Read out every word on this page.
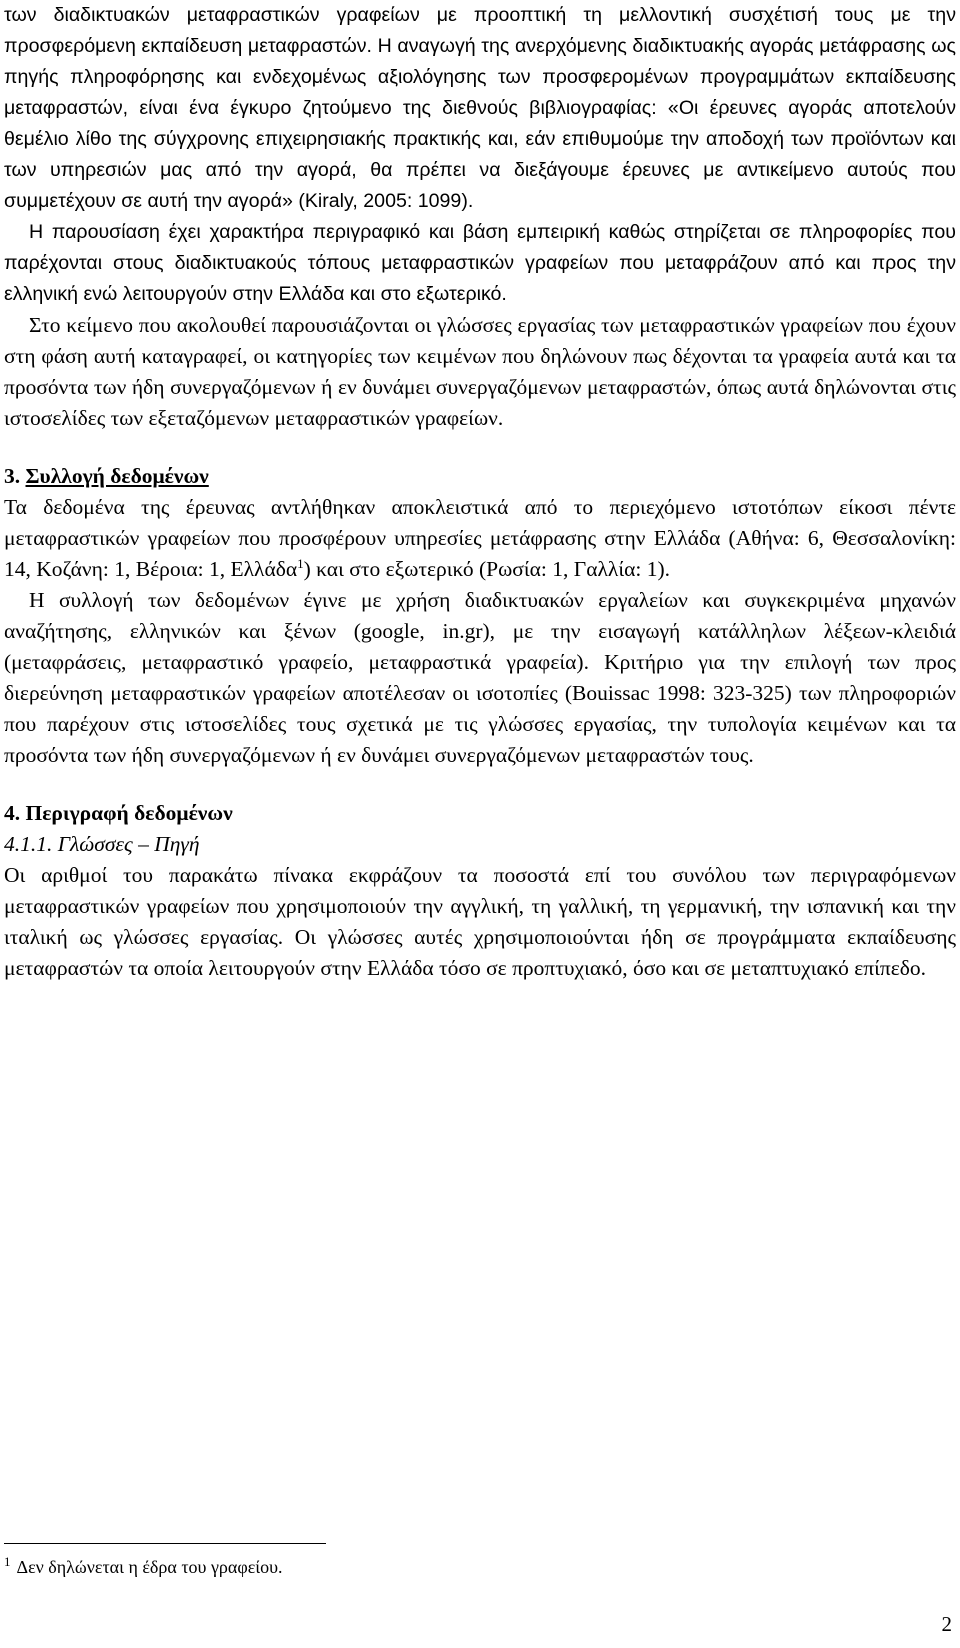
των διαδικτυακών μεταφραστικών γραφείων με προοπτική τη μελλοντική συσχέτισή τους με την προσφερόμενη εκπαίδευση μεταφραστών. Η αναγωγή της ανερχόμενης διαδικτυακής αγοράς μετάφρασης ως πηγής πληροφόρησης και ενδεχομένως αξιολόγησης των προσφερομένων προγραμμάτων εκπαίδευσης μεταφραστών, είναι ένα έγκυρο ζητούμενο της διεθνούς βιβλιογραφίας: «Οι έρευνες αγοράς αποτελούν θεμέλιο λίθο της σύγχρονης επιχειρησιακής πρακτικής και, εάν επιθυμούμε την αποδοχή των προϊόντων και των υπηρεσιών μας από την αγορά, θα πρέπει να διεξάγουμε έρευνες με αντικείμενο αυτούς που συμμετέχουν σε αυτή την αγορά» (Kiraly, 2005: 1099).

Η παρουσίαση έχει χαρακτήρα περιγραφικό και βάση εμπειρική καθώς στηρίζεται σε πληροφορίες που παρέχονται στους διαδικτυακούς τόπους μεταφραστικών γραφείων που μεταφράζουν από και προς την ελληνική ενώ λειτουργούν στην Ελλάδα και στο εξωτερικό.

Στο κείμενο που ακολουθεί παρουσιάζονται οι γλώσσες εργασίας των μεταφραστικών γραφείων που έχουν στη φάση αυτή καταγραφεί, οι κατηγορίες των κειμένων που δηλώνουν πως δέχονται τα γραφεία αυτά και τα προσόντα των ήδη συνεργαζόμενων ή εν δυνάμει συνεργαζόμενων μεταφραστών, όπως αυτά δηλώνονται στις ιστοσελίδες των εξεταζόμενων μεταφραστικών γραφείων.

3. Συλλογή δεδομένων

Τα δεδομένα της έρευνας αντλήθηκαν αποκλειστικά από το περιεχόμενο ιστοτόπων είκοσι πέντε μεταφραστικών γραφείων που προσφέρουν υπηρεσίες μετάφρασης στην Ελλάδα (Αθήνα: 6, Θεσσαλονίκη: 14, Κοζάνη: 1, Βέροια: 1, Ελλάδα$^1$) και στο εξωτερικό (Ρωσία: 1, Γαλλία: 1).

Η συλλογή των δεδομένων έγινε με χρήση διαδικτυακών εργαλείων και συγκεκριμένα μηχανών αναζήτησης, ελληνικών και ξένων (google, in.gr), με την εισαγωγή κατάλληλων λέξεων-κλειδιά (μεταφράσεις, μεταφραστικό γραφείο, μεταφραστικά γραφεία). Κριτήριο για την επιλογή των προς διερεύνηση μεταφραστικών γραφείων αποτέλεσαν οι ισοτοπίες (Bouissac 1998: 323-325) των πληροφοριών που παρέχουν στις ιστοσελίδες τους σχετικά με τις γλώσσες εργασίας, την τυπολογία κειμένων και τα προσόντα των ήδη συνεργαζόμενων ή εν δυνάμει συνεργαζόμενων μεταφραστών τους.

4. Περιγραφή δεδομένων

4.1.1. Γλώσσες – Πηγή

Οι αριθμοί του παρακάτω πίνακα εκφράζουν τα ποσοστά επί του συνόλου των περιγραφόμενων μεταφραστικών γραφείων που χρησιμοποιούν την αγγλική, τη γαλλική, τη γερμανική, την ισπανική και την ιταλική ως γλώσσες εργασίας. Οι γλώσσες αυτές χρησιμοποιούνται ήδη σε προγράμματα εκπαίδευσης μεταφραστών τα οποία λειτουργούν στην Ελλάδα τόσο σε προπτυχιακό, όσο και σε μεταπτυχιακό επίπεδο.

$^1$ Δεν δηλώνεται η έδρα του γραφείου.
2
